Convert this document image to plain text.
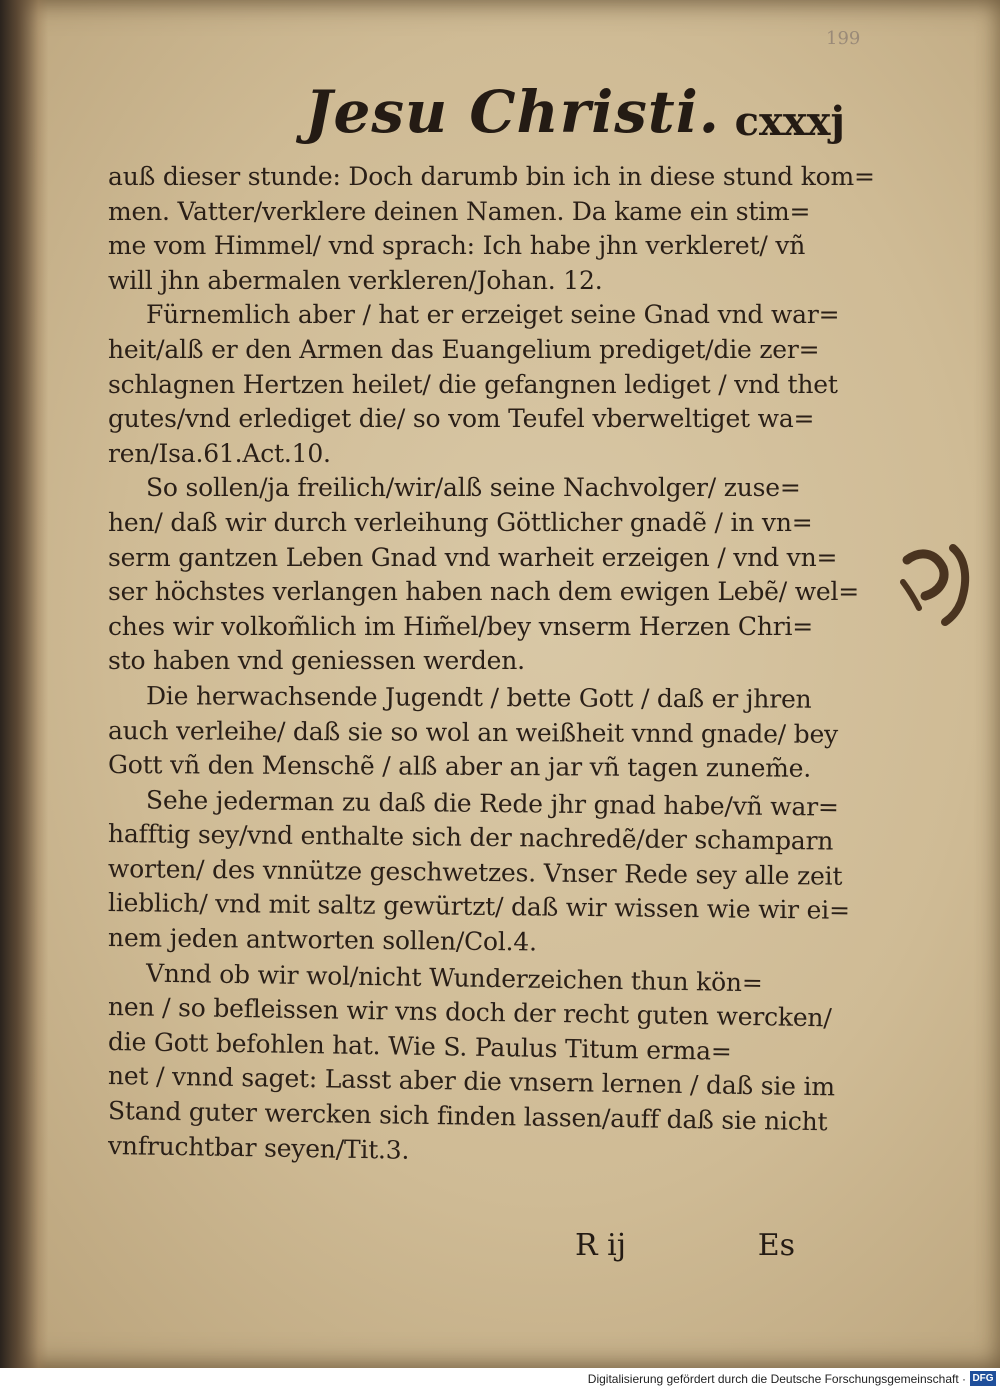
199
Jesu Christi. cxxxj
auß dieser stunde: Doch darumb bin ich in diese stund kom=
men. Vatter/verklere deinen Namen. Da kame ein stim=
me vom Himmel/ vnd sprach: Ich habe jhn verkleret/ vñ
will jhn abermalen verkleren/Johan. 12.
Fürnemlich aber / hat er erzeiget seine Gnad vnd war=
heit/alß er den Armen das Euangelium prediget/die zer=
schlagnen Hertzen heilet/ die gefangnen lediget / vnd thet
gutes/vnd erlediget die/ so vom Teufel vberweltiget wa=
ren/Isa.61.Act.10.
So sollen/ja freilich/wir/alß seine Nachvolger/ zuse=
hen/ daß wir durch verleihung Göttlicher gnadẽ / in vn=
serm gantzen Leben Gnad vnd warheit erzeigen / vnd vn=
ser höchstes verlangen haben nach dem ewigen Lebẽ/ wel=
ches wir volkom̃lich im Him̃el/bey vnserm Herzen Chri=
sto haben vnd geniessen werden.
Die herwachsende Jugendt / bette Gott / daß er jhren
auch verleihe/ daß sie so wol an weißheit vnnd gnade/ bey
Gott vñ den Menschẽ / alß aber an jar vñ tagen zunem̃e.
Sehe jederman zu daß die Rede jhr gnad habe/vñ war=
hafftig sey/vnd enthalte sich der nachredẽ/der schamparn
worten/ des vnnütze geschwetzes. Vnser Rede sey alle zeit
lieblich/ vnd mit saltz gewürtzt/ daß wir wissen wie wir ei=
nem jeden antworten sollen/Col.4.
Vnnd ob wir wol/nicht Wunderzeichen thun kön=
nen / so befleissen wir vns doch der recht guten wercken/
die Gott befohlen hat. Wie S. Paulus Titum erma=
net / vnnd saget: Lasst aber die vnsern lernen / daß sie im
Stand guter wercken sich finden lassen/auff daß sie nicht
vnfruchtbar seyen/Tit.3.
R ij	Es
Digitalisierung gefördert durch die Deutsche Forschungsgemeinschaft · DFG
